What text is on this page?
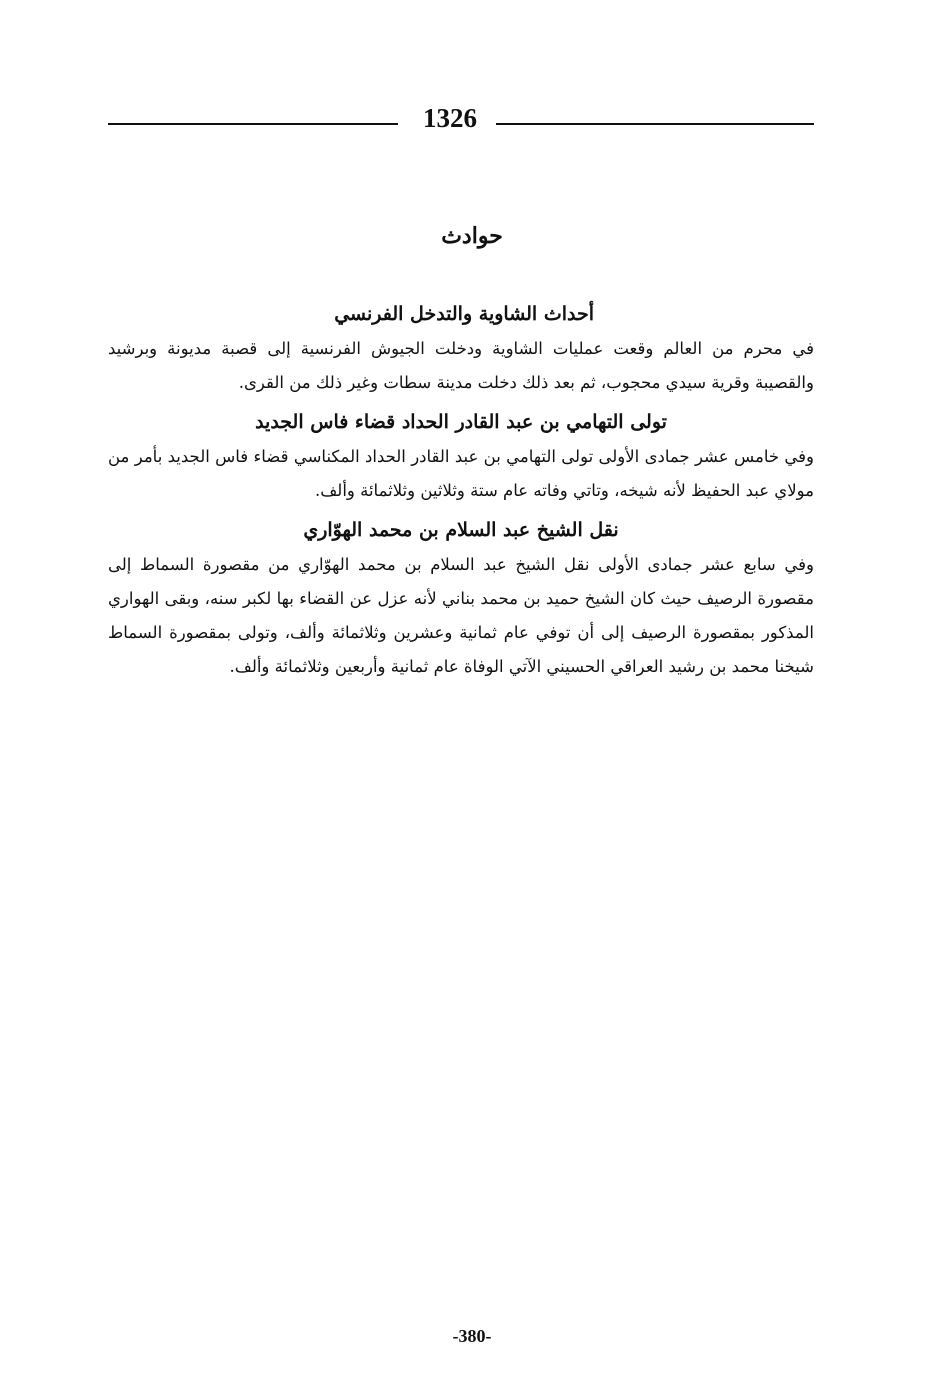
1326
حوادث
أحداث الشاوية والتدخل الفرنسي

في محرم من العالم وقعت عمليات الشاوية ودخلت الجيوش الفرنسية إلى قصبة مديونة وبرشيد والقصيبة وقرية سيدي محجوب، ثم بعد ذلك دخلت مدينة سطات وغير ذلك من القرى.

تولى التهامي بن عبد القادر الحداد قضاء فاس الجديد

وفي خامس عشر جمادى الأولى تولى التهامي بن عبد القادر الحداد المكناسي قضاء فاس الجديد بأمر من مولاي عبد الحفيظ لأنه شيخه، وتاتي وفاته عام ستة وثلاثين وثلاثمائة وألف.

نقل الشيخ عبد السلام بن محمد الهوّاري

وفي سابع عشر جمادى الأولى نقل الشيخ عبد السلام بن محمد الهوّاري من مقصورة السماط إلى مقصورة الرصيف حيث كان الشيخ حميد بن محمد بناني لأنه عزل عن القضاء بها لكبر سنه، وبقى الهواري المذكور بمقصورة الرصيف إلى أن توفي عام ثمانية وعشرين وثلاثمائة وألف، وتولى بمقصورة السماط شيخنا محمد بن رشيد العراقي الحسيني الآتي الوفاة عام ثمانية وأربعين وثلاثمائة وألف.

-380-
